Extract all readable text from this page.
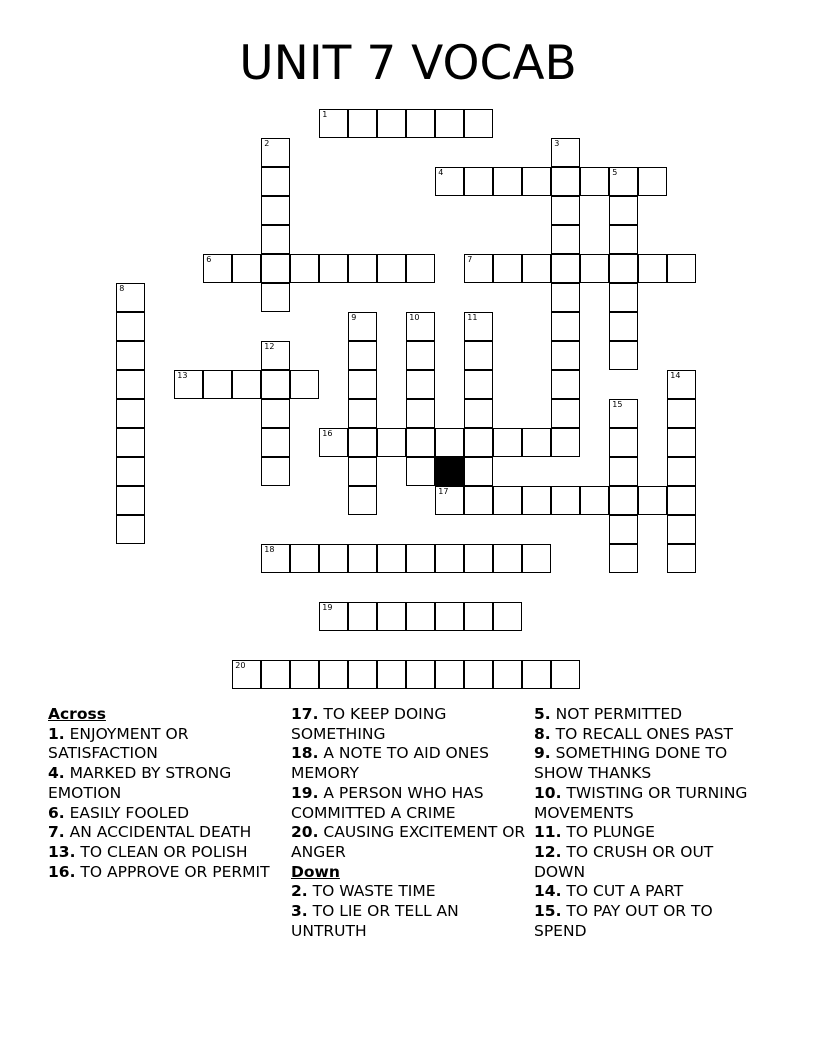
UNIT 7 VOCAB
1
2	3
4	5
6	7
8
9	10	11
12
13	14
15
16
17
18
19
20

Across

1. ENJOYMENT OR SATISFACTION

4. MARKED BY STRONG EMOTION

6. EASILY FOOLED

7. AN ACCIDENTAL DEATH

13. TO CLEAN OR POLISH

16. TO APPROVE OR PERMIT

17. TO KEEP DOING SOMETHING

18. A NOTE TO AID ONES MEMORY

19. A PERSON WHO HAS COMMITTED A CRIME

20. CAUSING EXCITEMENT OR ANGER

Down

2. TO WASTE TIME

3. TO LIE OR TELL AN UNTRUTH

5. NOT PERMITTED

8. TO RECALL ONES PAST

9. SOMETHING DONE TO SHOW THANKS

10. TWISTING OR TURNING MOVEMENTS

11. TO PLUNGE

12. TO CRUSH OR OUT DOWN

14. TO CUT A PART

15. TO PAY OUT OR TO SPEND
